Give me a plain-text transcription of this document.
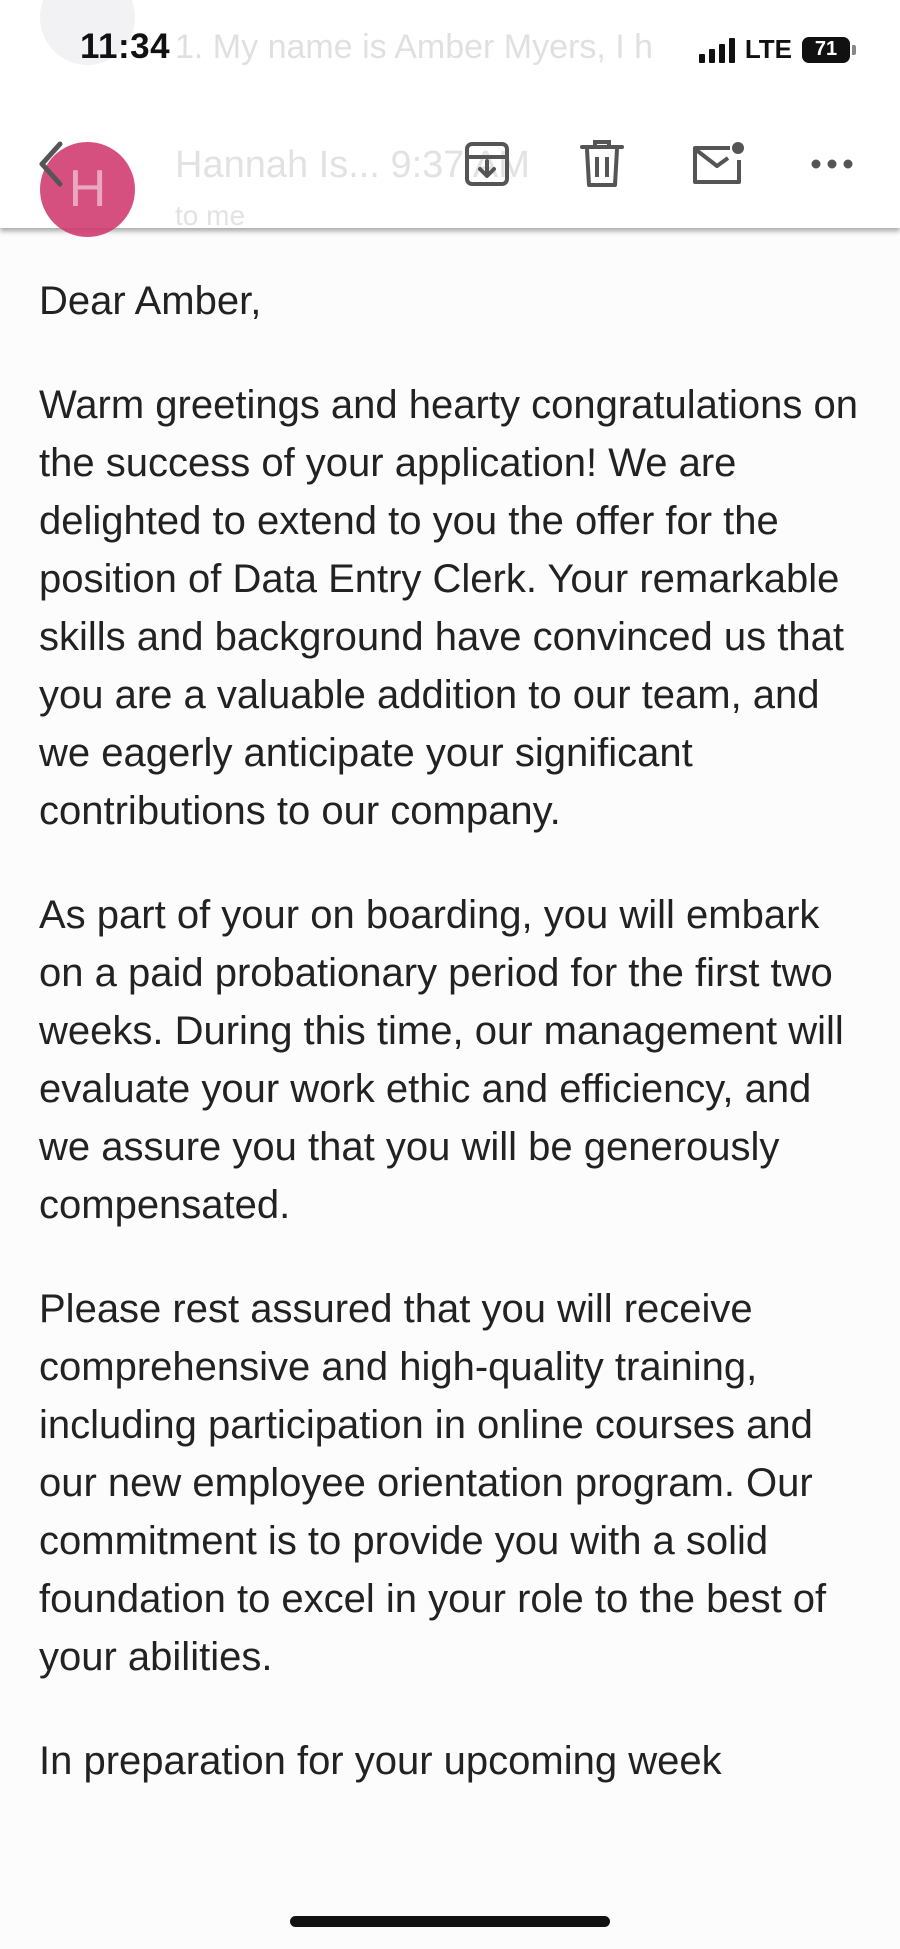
1. My name is Amber Myers, I h
11:34	LTE 71
H	Hannah Is... 9:37 AM
to me

Dear Amber,

Warm greetings and hearty congratulations on the success of your application! We are delighted to extend to you the offer for the position of Data Entry Clerk. Your remarkable skills and background have convinced us that you are a valuable addition to our team, and we eagerly anticipate your significant contributions to our company.

As part of your on boarding, you will embark on a paid probationary period for the first two weeks. During this time, our management will evaluate your work ethic and efficiency, and we assure you that you will be generously compensated.

Please rest assured that you will receive comprehensive and high-quality training, including participation in online courses and our new employee orientation program. Our commitment is to provide you with a solid foundation to excel in your role to the best of your abilities.

In preparation for your upcoming week
